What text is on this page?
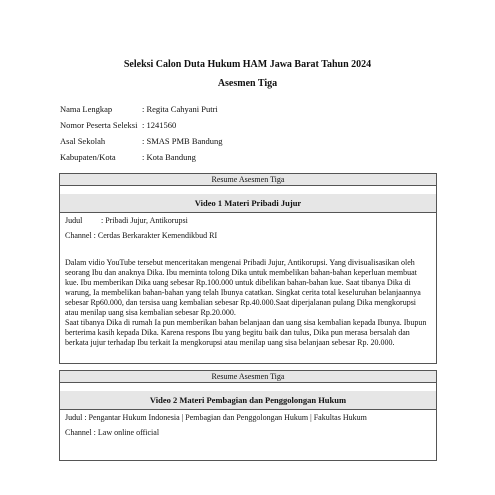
Seleksi Calon Duta Hukum HAM Jawa Barat Tahun 2024
Asesmen Tiga
Nama Lengkap	: Regita Cahyani Putri
Nomor Peserta Seleksi : 1241560
Asal Sekolah	: SMAS PMB Bandung
Kabupaten/Kota	: Kota Bandung
Resume Asesmen Tiga
Video 1 Materi Pribadi Jujur
Judul	: Pribadi Jujur, Antikorupsi
Channel : Cerdas Berkarakter Kemendikbud RI

Dalam vidio YouTube tersebut menceritakan mengenai Pribadi Jujur, Antikorupsi. Yang divisualisasikan oleh seorang Ibu dan anaknya Dika. Ibu meminta tolong Dika untuk membelikan bahan-bahan keperluan membuat kue. Ibu memberikan Dika uang sebesar Rp.100.000 untuk dibelikan bahan-bahan kue. Saat tibanya Dika di warung, Ia membelikan bahan-bahan yang telah Ibunya catatkan. Singkat cerita total keseluruhan belanjaannya sebesar Rp60.000, dan tersisa uang kembalian sebesar Rp.40.000.Saat diperjalanan pulang Dika mengkorupsi atau menilap uang sisa kembalian sebesar Rp.20.000.

Saat tibanya Dika di rumah Ia pun memberikan bahan belanjaan dan uang sisa kembalian kepada Ibunya. Ibupun berterima kasih kepada Dika. Karena respons Ibu yang begitu baik dan tulus, Dika pun merasa bersalah dan berkata jujur terhadap Ibu terkait Ia mengkorupsi atau menilap uang sisa belanjaan sebesar Rp. 20.000.

Resume Asesmen Tiga
Video 2 Materi Pembagian dan Penggolongan Hukum
Judul : Pengantar Hukum Indonesia | Pembagian dan Penggolongan Hukum | Fakultas Hukum
Channel : Law online official
